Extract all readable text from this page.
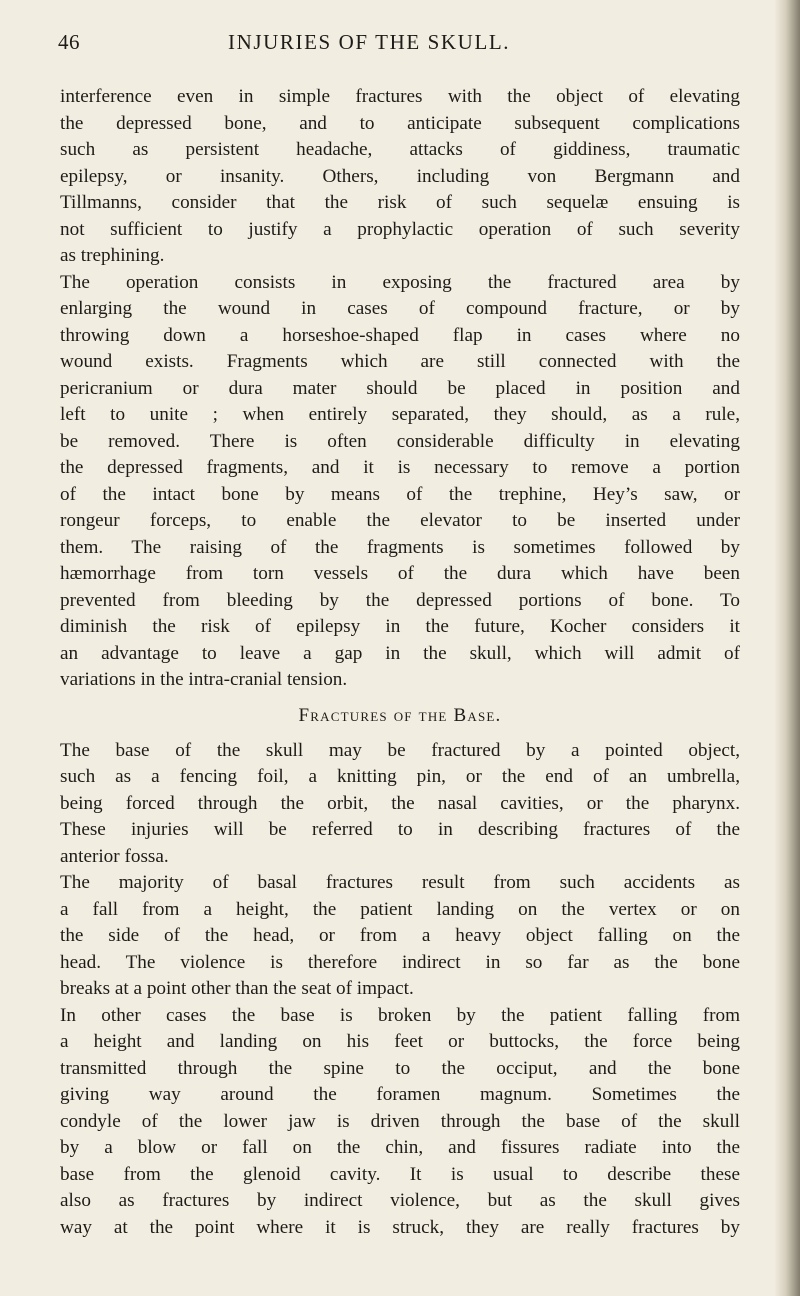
46	INJURIES OF THE SKULL.
interference even in simple fractures with the object of elevating
the depressed bone, and to anticipate subsequent complications
such as persistent headache, attacks of giddiness, traumatic
epilepsy, or insanity. Others, including von Bergmann and
Tillmanns, consider that the risk of such sequelæ ensuing is
not sufficient to justify a prophylactic operation of such severity
as trephining.
The operation consists in exposing the fractured area by
enlarging the wound in cases of compound fracture, or by
throwing down a horseshoe-shaped flap in cases where no
wound exists. Fragments which are still connected with the
pericranium or dura mater should be placed in position and
left to unite ; when entirely separated, they should, as a rule,
be removed. There is often considerable difficulty in elevating
the depressed fragments, and it is necessary to remove a portion
of the intact bone by means of the trephine, Hey’s saw, or
rongeur forceps, to enable the elevator to be inserted under
them. The raising of the fragments is sometimes followed by
hæmorrhage from torn vessels of the dura which have been
prevented from bleeding by the depressed portions of bone. To
diminish the risk of epilepsy in the future, Kocher considers it
an advantage to leave a gap in the skull, which will admit of
variations in the intra-cranial tension.
Fractures of the Base.
The base of the skull may be fractured by a pointed object,
such as a fencing foil, a knitting pin, or the end of an umbrella,
being forced through the orbit, the nasal cavities, or the pharynx.
These injuries will be referred to in describing fractures of the
anterior fossa.
The majority of basal fractures result from such accidents as
a fall from a height, the patient landing on the vertex or on
the side of the head, or from a heavy object falling on the
head. The violence is therefore indirect in so far as the bone
breaks at a point other than the seat of impact.
In other cases the base is broken by the patient falling from
a height and landing on his feet or buttocks, the force being
transmitted through the spine to the occiput, and the bone
giving way around the foramen magnum. Sometimes the
condyle of the lower jaw is driven through the base of the skull
by a blow or fall on the chin, and fissures radiate into the
base from the glenoid cavity. It is usual to describe these
also as fractures by indirect violence, but as the skull gives
way at the point where it is struck, they are really fractures by
